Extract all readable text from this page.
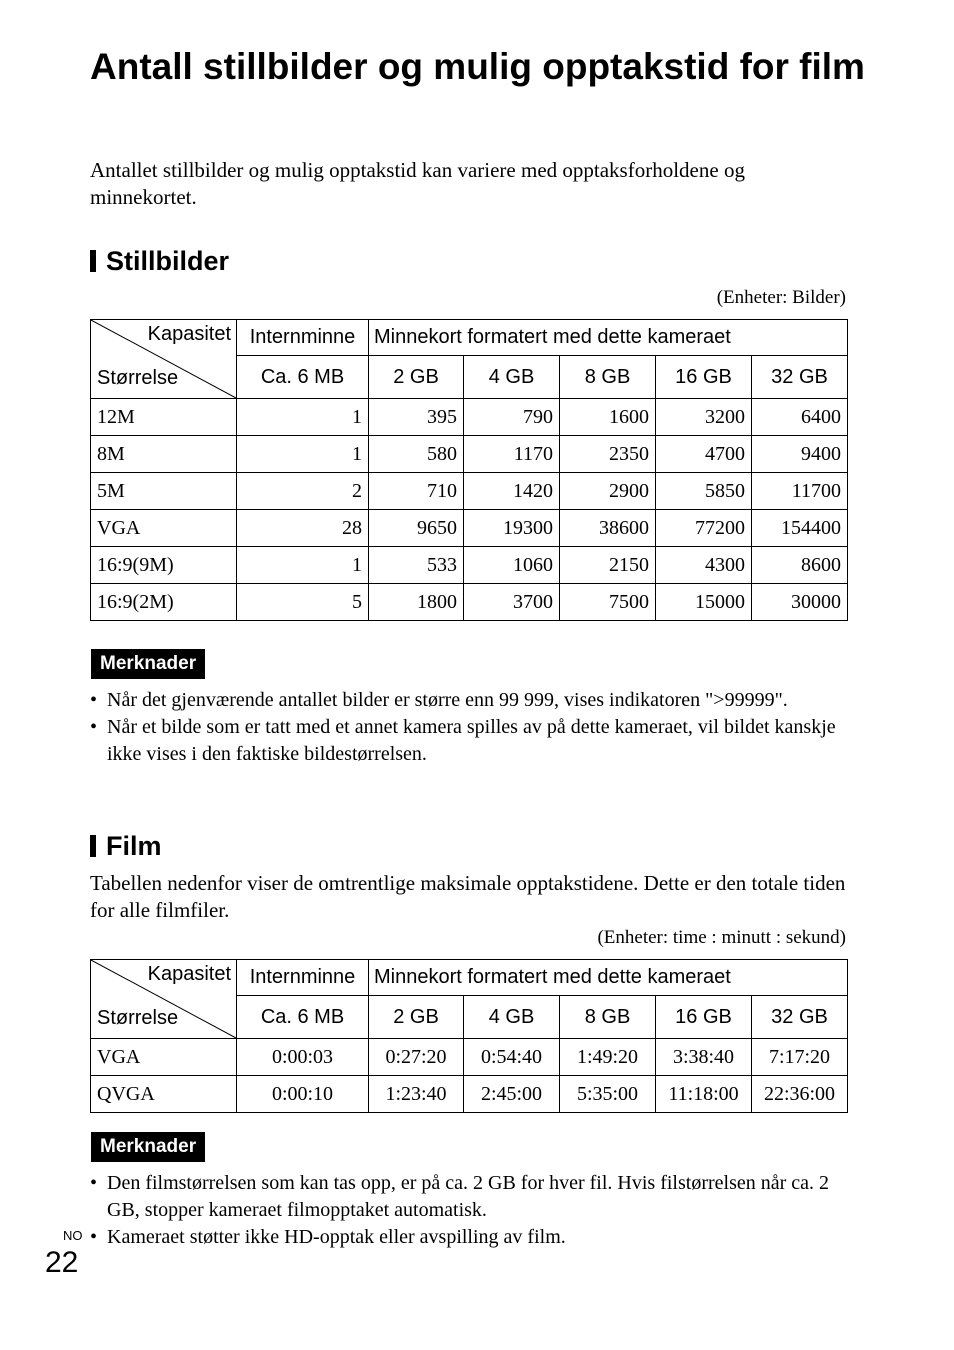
Antall stillbilder og mulig opptakstid for film

Antallet stillbilder og mulig opptakstid kan variere med opptaksforholdene og minnekortet.

Stillbilder

(Enheter: Bilder)

Kapasitet
Størrelse	Internminne	Minnekort formatert med dette kameraet				
	Ca. 6 MB	2 GB	4 GB	8 GB	16 GB	32 GB
12M	1	395	790	1600	3200	6400
8M	1	580	1170	2350	4700	9400
5M	2	710	1420	2900	5850	11700
VGA	28	9650	19300	38600	77200	154400
16:9(9M)	1	533	1060	2150	4300	8600
16:9(2M)	5	1800	3700	7500	15000	30000
Merknader
• Når det gjenværende antallet bilder er større enn 99 999, vises indikatoren ">99999".
• Når et bilde som er tatt med et annet kamera spilles av på dette kameraet, vil bildet kanskje ikke vises i den faktiske bildestørrelsen.
Film

Tabellen nedenfor viser de omtrentlige maksimale opptakstidene. Dette er den totale tiden for alle filmfiler.

(Enheter: time : minutt : sekund)

Kapasitet
Størrelse	Internminne	Minnekort formatert med dette kameraet				
	Ca. 6 MB	2 GB	4 GB	8 GB	16 GB	32 GB
VGA	0:00:03	0:27:20	0:54:40	1:49:20	3:38:40	7:17:20
QVGA	0:00:10	1:23:40	2:45:00	5:35:00	11:18:00	22:36:00
Merknader
• Den filmstørrelsen som kan tas opp, er på ca. 2 GB for hver fil. Hvis filstørrelsen når ca. 2 GB, stopper kameraet filmopptaket automatisk.
• Kameraet støtter ikke HD-opptak eller avspilling av film.
NO
22
